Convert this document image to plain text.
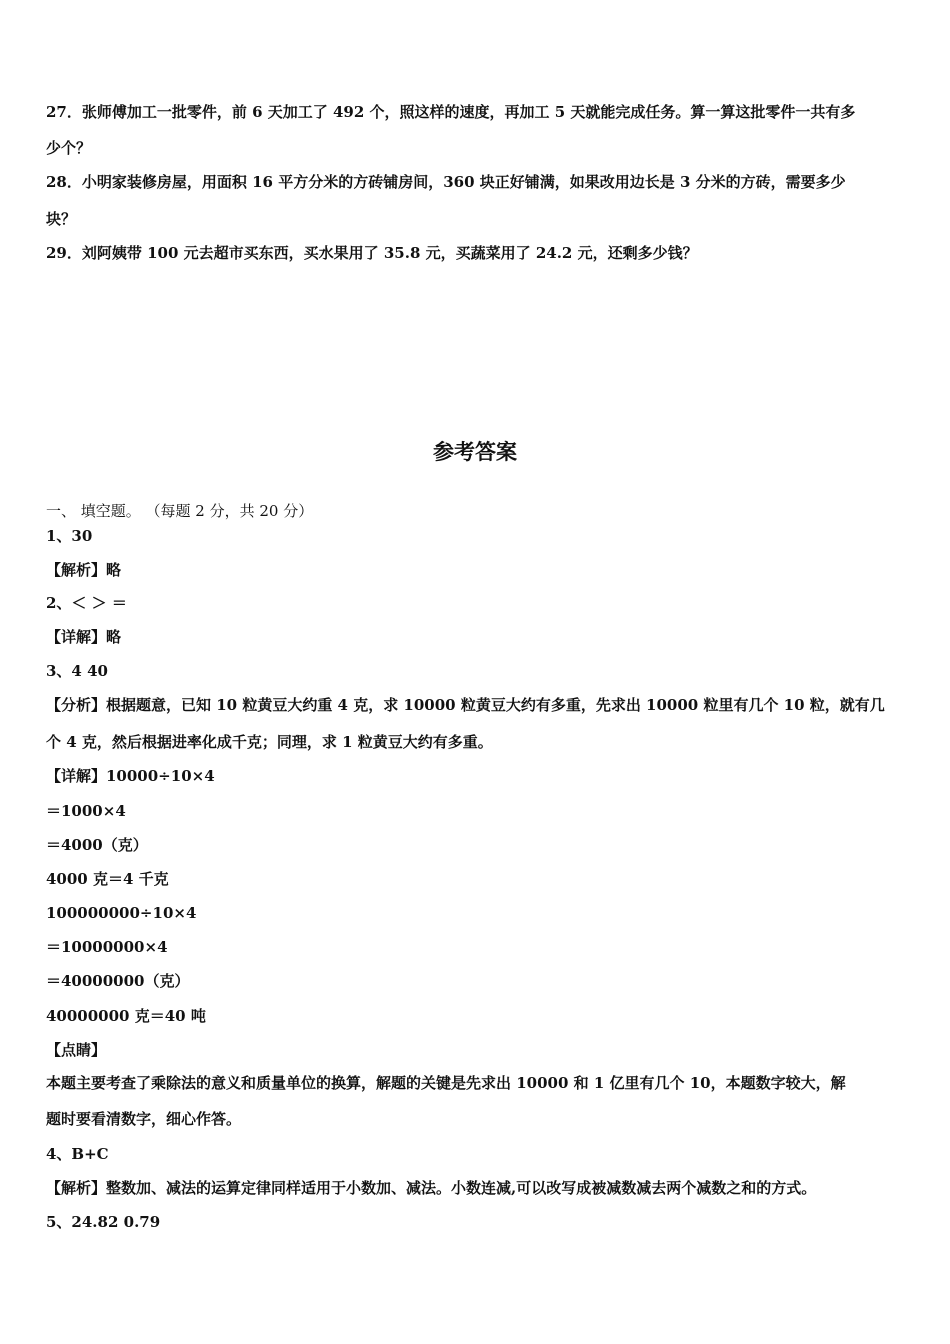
27．张师傅加工一批零件，前 6 天加工了 492 个，照这样的速度，再加工 5 天就能完成任务。算一算这批零件一共有多
少个？
28．小明家装修房屋，用面积 16 平方分米的方砖铺房间，360 块正好铺满，如果改用边长是 3 分米的方砖，需要多少
块？
29．刘阿姨带 100 元去超市买东西，买水果用了 35.8 元，买蔬菜用了 24.2 元，还剩多少钱？
参考答案
一、 填空题。 （每题 2 分，共 20 分）
1、30
【解析】略
2、＜ ＞ ＝
【详解】略
3、4 40
【分析】根据题意，已知 10 粒黄豆大约重 4 克，求 10000 粒黄豆大约有多重，先求出 10000 粒里有几个 10 粒，就有几
个 4 克，然后根据进率化成千克；同理，求 1 粒黄豆大约有多重。
【详解】10000÷10×4
＝1000×4
＝4000（克）
4000 克＝4 千克
100000000÷10×4
＝10000000×4
＝40000000（克）
40000000 克＝40 吨
【点睛】
本题主要考查了乘除法的意义和质量单位的换算，解题的关键是先求出 10000 和 1 亿里有几个 10，本题数字较大，解
题时要看清数字，细心作答。
4、B+C
【解析】整数加、减法的运算定律同样适用于小数加、减法。小数连减,可以改写成被减数减去两个减数之和的方式。
5、24.82 0.79
